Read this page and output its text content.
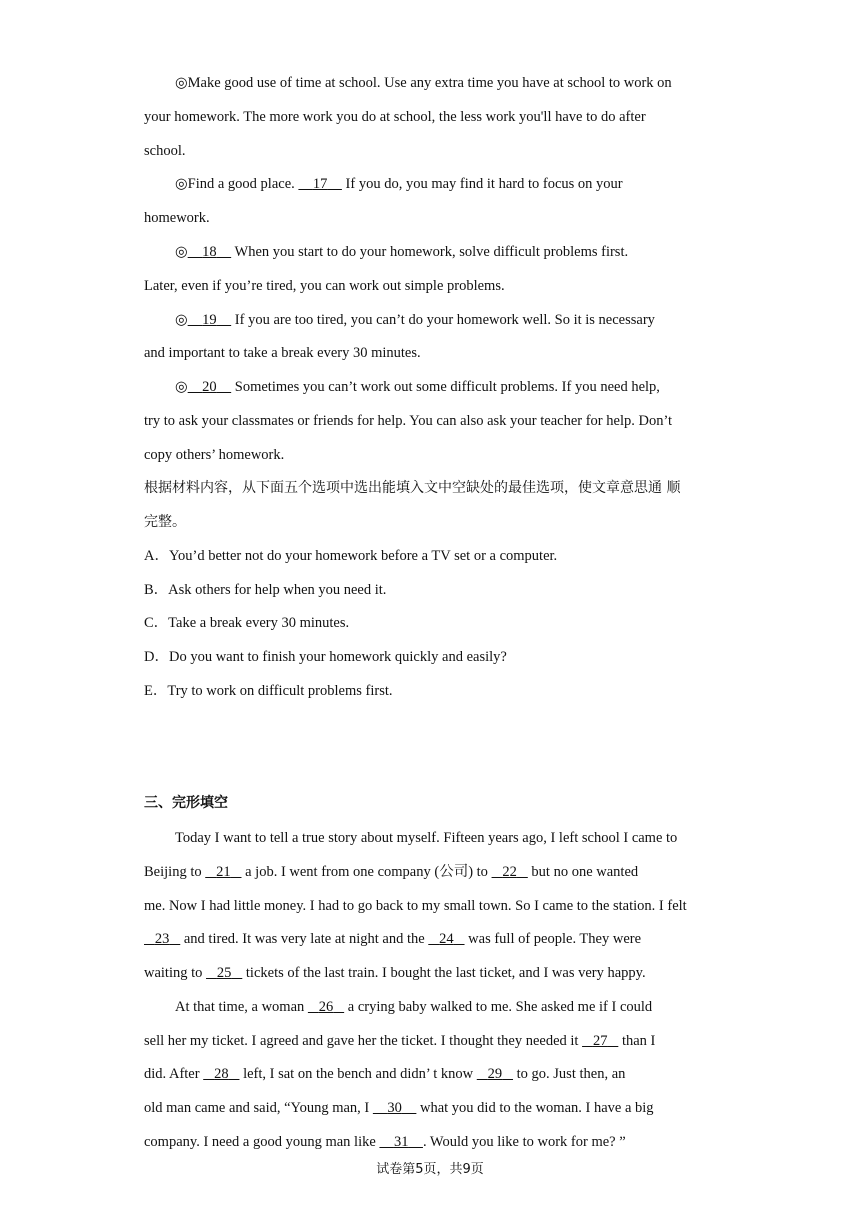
◎Make good use of time at school. Use any extra time you have at school to work on
your homework. The more work you do at school, the less work you'll have to do after
school.
◎Find a good place.     17     If you do, you may find it hard to focus on your
homework.
◎ 18     When you start to do your homework, solve difficult problems first.
Later, even if you’re tired, you can work out simple problems.
◎ 19     If you are too tired, you can’t do your homework well. So it is necessary
and important to take a break every 30 minutes.
◎ 20     Sometimes you can’t work out some difficult problems. If you need help,
try to ask your classmates or friends for help. You can also ask your teacher for help. Don’t
copy others’ homework.
根据材料内容，从下面五个选项中选出能填入文中空缺处的最佳选项，使文章意思通 顺
完整。
A．You’d better not do your homework before a TV set or a computer.
B．Ask others for help when you need it.
C．Take a break every 30 minutes.
D．Do you want to finish your homework quickly and easily?
E．Try to work on difficult problems first.
三、完形填空
Today I want to tell a true story about myself. Fifteen years ago, I left school I came to
Beijing to    21    a job. I went from one company (公司) to    22    but no one wanted
me. Now I had little money. I had to go back to my small town. So I came to the station. I felt
23    and tired. It was very late at night and the    24    was full of people. They were
waiting to    25    tickets of the last train. I bought the last ticket, and I was very happy.
At that time, a woman    26    a crying baby walked to me. She asked me if I could
sell her my ticket. I agreed and gave her the ticket. I thought they needed it    27    than I
did. After    28    left, I sat on the bench and didn’ t know    29    to go. Just then, an
old man came and said, “Young man, I     30     what you did to the woman. I have a big
company. I need a good young man like     31 . Would you like to work for me? ”
试卷第5页，共9页
